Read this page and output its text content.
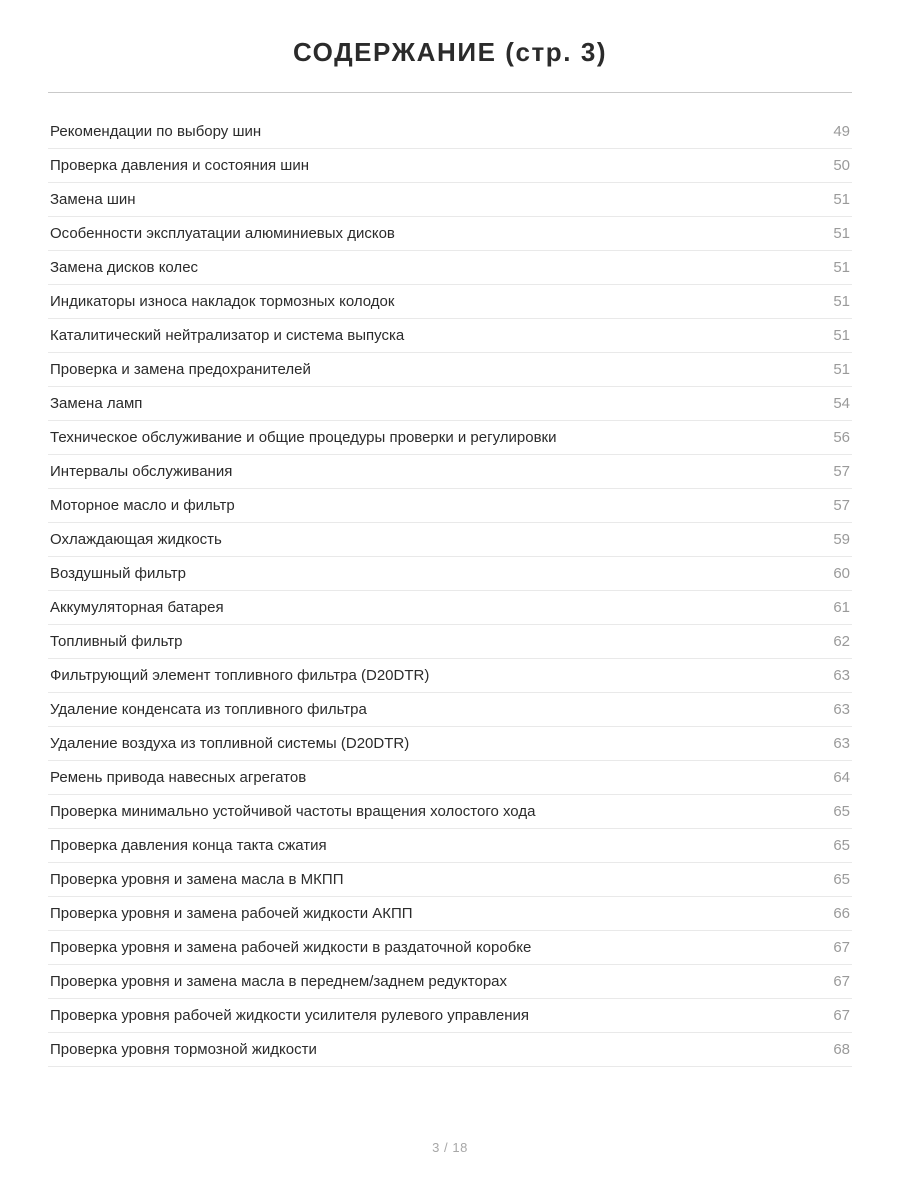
СОДЕРЖАНИЕ (стр. 3)
Рекомендации по выбору шин	49
Проверка давления и состояния шин	50
Замена шин	51
Особенности эксплуатации алюминиевых дисков	51
Замена дисков колес	51
Индикаторы износа накладок тормозных колодок	51
Каталитический нейтрализатор и система выпуска	51
Проверка и замена предохранителей	51
Замена ламп	54
Техническое обслуживание и общие процедуры проверки и регулировки	56
Интервалы обслуживания	57
Моторное масло и фильтр	57
Охлаждающая жидкость	59
Воздушный фильтр	60
Аккумуляторная батарея	61
Топливный фильтр	62
Фильтрующий элемент топливного фильтра (D20DTR)	63
Удаление конденсата из топливного фильтра	63
Удаление воздуха из топливной системы (D20DTR)	63
Ремень привода навесных агрегатов	64
Проверка минимально устойчивой частоты вращения холостого хода	65
Проверка давления конца такта сжатия	65
Проверка уровня и замена масла в МКПП	65
Проверка уровня и замена рабочей жидкости АКПП	66
Проверка уровня и замена рабочей жидкости в раздаточной коробке	67
Проверка уровня и замена масла в переднем/заднем редукторах	67
Проверка уровня рабочей жидкости усилителя рулевого управления	67
Проверка уровня тормозной жидкости	68
3 / 18
